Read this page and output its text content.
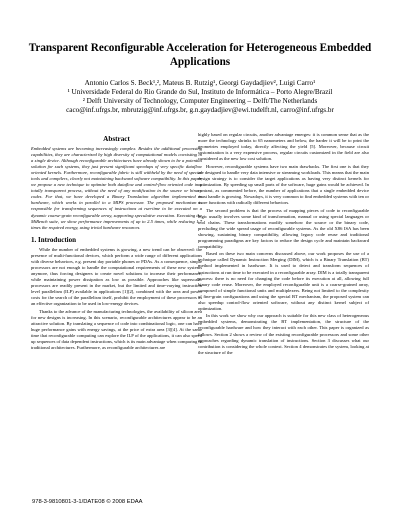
Transparent Reconfigurable Acceleration for Heterogeneous Embedded
Applications
Antonio Carlos S. Beck¹,², Mateus B. Rutzig¹, Georgi Gaydadjiev², Luigi Carro¹
¹ Universidade Federal do Rio Grande do Sul, Instituto de Informática – Porto Alegre/Brazil
² Delft University of Technology, Computer Engineering – Delft/The Netherlands
caco@inf.ufrgs.br, mbrutzig@inf.ufrgs.br, g.n.gaydadjiev@ewi.tudelft.nl, carro@inf.ufrgs.br
Abstract

Embedded systems are becoming increasingly complex. Besides the additional processing capabilities, they are characterized by high diversity of computational models coexisting in a single device. Although reconfigurable architectures have already shown to be a potential solution for such systems, they just present significant speedups of very specific dataflow oriented kernels. Furthermore, reconfigurable fabric is still withheld by the need of special tools and compilers, clearly not maintaining backward software compatibility. In this paper, we propose a new technique to optimize both dataflow and control-flow oriented code in a totally transparent process, without the need of any modification in the source or binary codes. For that, we have developed a Binary Translation algorithm implemented in hardware, which works in parallel to a MIPS processor. The proposed mechanism is responsible for transforming sequences of instructions at run-time to be executed on a dynamic coarse-grain reconfigurable array, supporting speculative execution. Executing the MiBench suite, we show performance improvements of up to 2.5 times, while reducing 1.7 times the required energy, using trivial hardware resources.

1. Introduction

While the number of embedded systems is growing, a new trend can be observed: the presence of multi-functional devices, which perform a wide range of different applications with diverse behaviors, e.g. present day portable phones or PDAs. As a consequence, simple processors are not enough to handle the computational requirements of these new systems anymore, thus forcing designers to create novel solutions to increase their performance, while maintaining power dissipation as low as possible. Approaches like superscalar processors are readily present in the market, but the limited and time-varying instruction level parallelism (ILP) available in applications [1][2], combined with the area and power costs for the search of the parallelism itself, prohibit the employment of these processors as an effective organization to be used in low-energy devices.

Thanks to the advance of the manufacturing technologies, the availability of silicon area for new designs is increasing. In this scenario, reconfigurable architectures appear to be an attractive solution. By translating a sequence of code into combinational logic, one can have huge performance gains with energy savings, at the price of extra area [3][4]. At the same time that reconfigurable computing can explore the ILP of the applications, it can also speed up sequences of data dependent instructions, which is its main advantage when comparing to traditional architectures. Furthermore, as reconfigurable architectures are

highly based on regular circuits, another advantage emerges: it is common sense that as the more the technology shrinks to 65 nanometers and below, the harder it will be to print the geometries employed today, directly affecting the yield [5]. Moreover, because circuit customization is a very expensive process, regular circuits customized in the field are also considered as the new low cost solution.

However, reconfigurable systems have two main drawbacks. The first one is that they are designed to handle very data intensive or streaming workloads. This means that the main design strategy is to consider the target applications as having very distinct kernels for optimization. By speeding up small parts of the software, huge gains would be achieved. In contrast, as commented before, the number of applications that a single embedded device must handle is growing. Nowadays, it is very common to find embedded systems with ten or more functions with radically different behaviors.

The second problem is that the process of mapping pieces of code to reconfigurable logic usually involves some kind of transformation, manual or using special languages or tool chains. These transformations modify somehow the source or the binary code, precluding the wide spread usage of reconfigurable systems. As the old X86 ISA has been showing, sustaining binary compatibility, allowing legacy code reuse and traditional programming paradigms are key factors to reduce the design cycle and maintain backward compatibility.

Based on these two main concerns discussed above, our work proposes the use of a technique called Dynamic Instruction Merging (DIM), which is a Binary Translation (BT) method implemented in hardware. It is used to detect and transform sequences of instructions at run time to be executed in a reconfigurable array. DIM is a totally transparent process: there is no need for changing the code before its execution at all, allowing full binary code reuse. Moreover, the employed reconfigurable unit is a coarse-grained array, composed of simple functional units and multiplexers. Being not limited to the complexity of fine-grain configurations and using the special BT mechanism, the proposed system can also speedup control-flow oriented software, without any distinct kernel subject of optimization.

In this work we show why our approach is suitable for this new class of heterogeneous embedded systems, demonstrating the BT implementation, the structure of the reconfigurable hardware and how they interact with each other. This paper is organized as follows. Section 2 shows a review of the existing reconfigurable processors and some other approaches regarding dynamic translation of instructions. Section 3 discusses what our contribution is considering the whole context. Section 4 demonstrates the system, looking at the structure of the

978-3-9810801-3-1/DATE08 © 2008 EDAA
